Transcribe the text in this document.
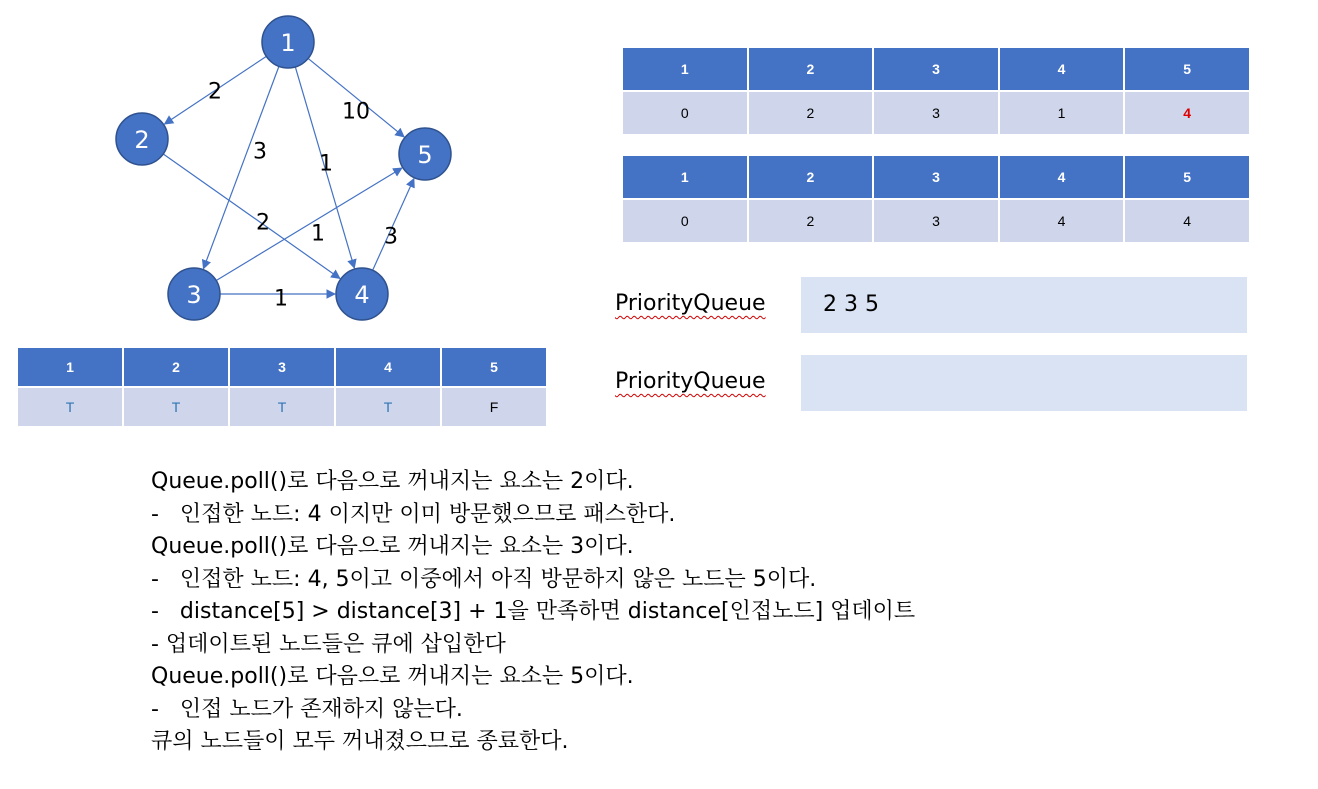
2
3 1
10
2 1
1
3
1
2
3	4
5
1	2	3	4	5
T	T	T	T	F
1	2	3	4	5
0	2	3	1	4
1	2	3	4	5
0	2	3	4	4
PriorityQueue	2 3 5
PriorityQueue
Queue.poll()로 다음으로 꺼내지는 요소는 2이다.
-   인접한 노드: 4 이지만 이미 방문했으므로 패스한다.
Queue.poll()로 다음으로 꺼내지는 요소는 3이다.
-   인접한 노드: 4, 5이고 이중에서 아직 방문하지 않은 노드는 5이다.
-   distance[5] > distance[3] + 1을 만족하면 distance[인접노드] 업데이트
- 업데이트된 노드들은 큐에 삽입한다
Queue.poll()로 다음으로 꺼내지는 요소는 5이다.
-   인접 노드가 존재하지 않는다.
큐의 노드들이 모두 꺼내졌으므로 종료한다.
